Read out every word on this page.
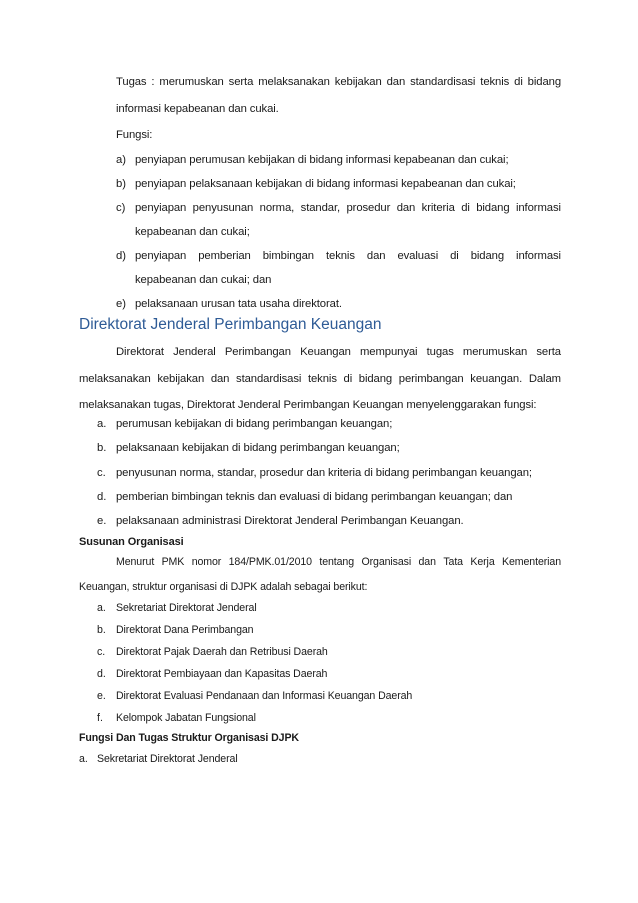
Tugas : merumuskan serta melaksanakan kebijakan dan standardisasi teknis di bidang
informasi kepabeanan dan cukai.
Fungsi:
a) penyiapan perumusan kebijakan di bidang informasi kepabeanan dan cukai;
b) penyiapan pelaksanaan kebijakan di bidang informasi kepabeanan dan cukai;
c) penyiapan penyusunan norma, standar, prosedur dan kriteria di bidang informasi
kepabeanan dan cukai;
d) penyiapan pemberian bimbingan teknis dan evaluasi di bidang informasi
kepabeanan dan cukai; dan
e) pelaksanaan urusan tata usaha direktorat.
Direktorat Jenderal Perimbangan Keuangan
Direktorat Jenderal Perimbangan Keuangan mempunyai tugas merumuskan serta
melaksanakan kebijakan dan standardisasi teknis di bidang perimbangan keuangan. Dalam
melaksanakan tugas, Direktorat Jenderal Perimbangan Keuangan menyelenggarakan fungsi:
a. perumusan kebijakan di bidang perimbangan keuangan;
b. pelaksanaan kebijakan di bidang perimbangan keuangan;
c. penyusunan norma, standar, prosedur dan kriteria di bidang perimbangan keuangan;
d. pemberian bimbingan teknis dan evaluasi di bidang perimbangan keuangan; dan
e. pelaksanaan administrasi Direktorat Jenderal Perimbangan Keuangan.
Susunan Organisasi
Menurut PMK nomor 184/PMK.01/2010 tentang Organisasi dan Tata Kerja Kementerian
Keuangan, struktur organisasi di DJPK adalah sebagai berikut:
a. Sekretariat Direktorat Jenderal
b. Direktorat Dana Perimbangan
c. Direktorat Pajak Daerah dan Retribusi Daerah
d. Direktorat Pembiayaan dan Kapasitas Daerah
e. Direktorat Evaluasi Pendanaan dan Informasi Keuangan Daerah
f. Kelompok Jabatan Fungsional
Fungsi Dan Tugas Struktur Organisasi DJPK
a. Sekretariat Direktorat Jenderal
